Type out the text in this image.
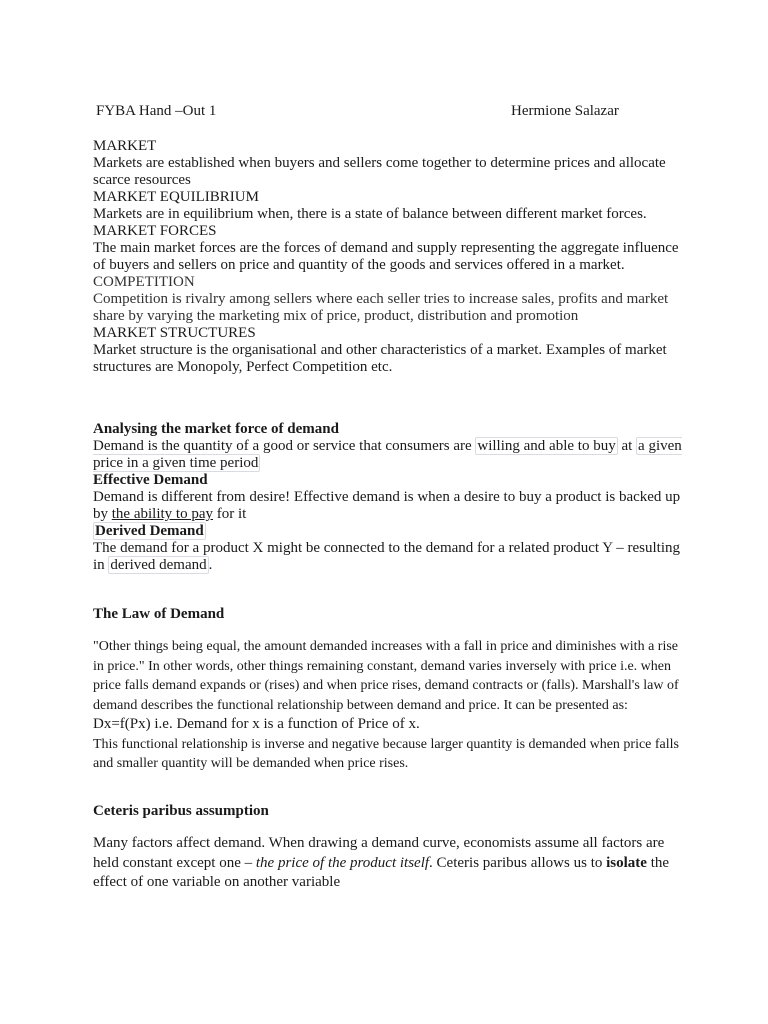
FYBA Hand –Out 1	Hermione Salazar
MARKET
Markets are established when buyers and sellers come together to determine prices and allocate scarce resources
MARKET EQUILIBRIUM
Markets are in equilibrium when, there is a state of balance between different market forces.
MARKET FORCES
The main market forces are the forces of demand and supply representing the aggregate influence of buyers and sellers on price and quantity of the goods and services offered in a market.
COMPETITION
Competition is rivalry among sellers where each seller tries to increase sales, profits and market share by varying the marketing mix of price, product, distribution and promotion
MARKET STRUCTURES
Market structure is the organisational and other characteristics of a market. Examples of market structures are Monopoly, Perfect Competition etc.
Analysing the market force of demand
Demand is the quantity of a good or service that consumers are willing and able to buy at a given price in a given time period
Effective Demand
Demand is different from desire! Effective demand is when a desire to buy a product is backed up by the ability to pay for it
Derived Demand
The demand for a product X might be connected to the demand for a related product Y – resulting in derived demand .
The Law of Demand
"Other things being equal, the amount demanded increases with a fall in price and diminishes with a rise in price." In other words, other things remaining constant, demand varies inversely with price i.e. when price falls demand expands or (rises) and when price rises, demand contracts or (falls). Marshall's law of demand describes the functional relationship between demand and price. It can be presented as:
Dx=f(Px) i.e. Demand for x is a function of Price of x.
This functional relationship is inverse and negative because larger quantity is demanded when price falls and smaller quantity will be demanded when price rises.
Ceteris paribus assumption
Many factors affect demand. When drawing a demand curve, economists assume all factors are held constant except one – the price of the product itself. Ceteris paribus allows us to isolate the effect of one variable on another variable
